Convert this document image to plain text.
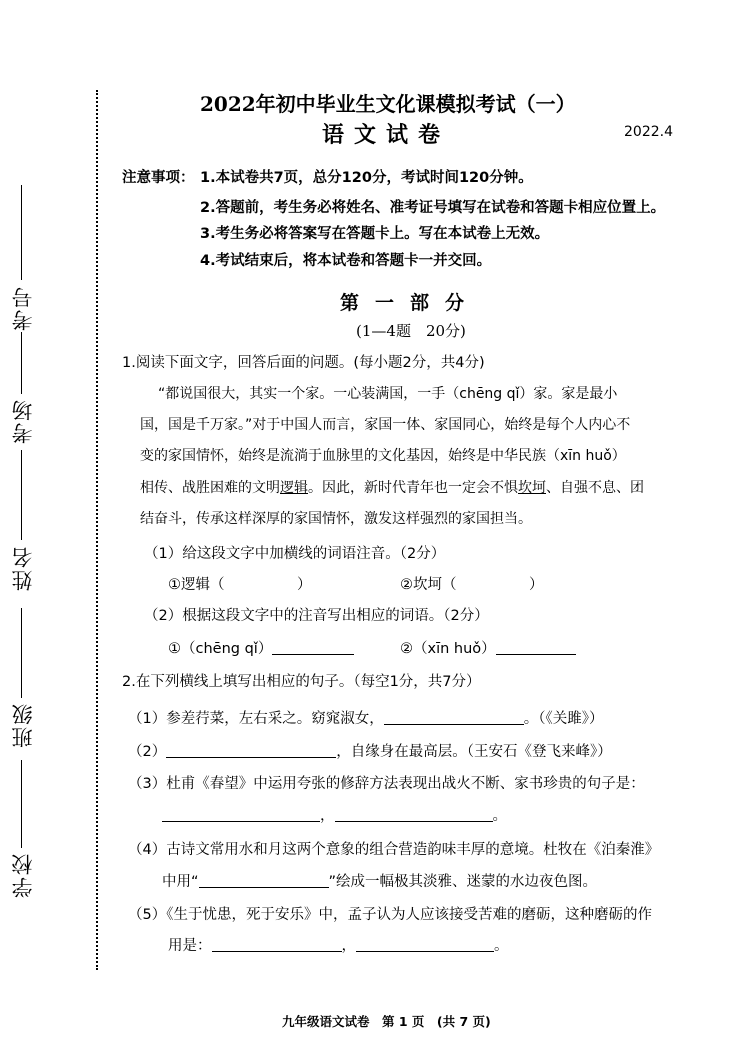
考号
考场
姓名
班级
学校
2022年初中毕业生文化课模拟考试（一）
语文试卷	2022.4
注意事项： 1.本试卷共7页，总分120分，考试时间120分钟。
2.答题前，考生务必将姓名、准考证号填写在试卷和答题卡相应位置上。
3.考生务必将答案写在答题卡上。写在本试卷上无效。
4.考试结束后，将本试卷和答题卡一并交回。
第一部分
(1—4题　20分)
1.阅读下面文字，回答后面的问题。(每小题2分，共4分)
“都说国很大，其实一个家。一心装满国，一手（chēng qǐ）家。家是最小
国，国是千万家。”对于中国人而言，家国一体、家国同心，始终是每个人内心不
变的家国情怀，始终是流淌于血脉里的文化基因，始终是中华民族（xīn huǒ）
相传、战胜困难的文明逻辑。因此，新时代青年也一定会不惧坎坷、自强不息、团
结奋斗，传承这样深厚的家国情怀，激发这样强烈的家国担当。
（1）给这段文字中加横线的词语注音。（2分）
①逻辑（　　　　　）	②坎坷（　　　　　）
（2）根据这段文字中的注音写出相应的词语。（2分）
①（chēng qǐ）	②（xīn huǒ）
2.在下列横线上填写出相应的句子。（每空1分，共7分）
（1）参差荇菜，左右采之。窈窕淑女，	。（《关雎》）
（2）	，自缘身在最高层。（王安石《登飞来峰》）
（3）杜甫《春望》中运用夸张的修辞方法表现出战火不断、家书珍贵的句子是：
，	。
（4）古诗文常用水和月这两个意象的组合营造韵味丰厚的意境。杜牧在《泊秦淮》
中用“	”绘成一幅极其淡雅、迷蒙的水边夜色图。
（5）《生于忧患，死于安乐》中，孟子认为人应该接受苦难的磨砺，这种磨砺的作
用是：	，	。
九年级语文试卷　第 1 页　(共 7 页)
